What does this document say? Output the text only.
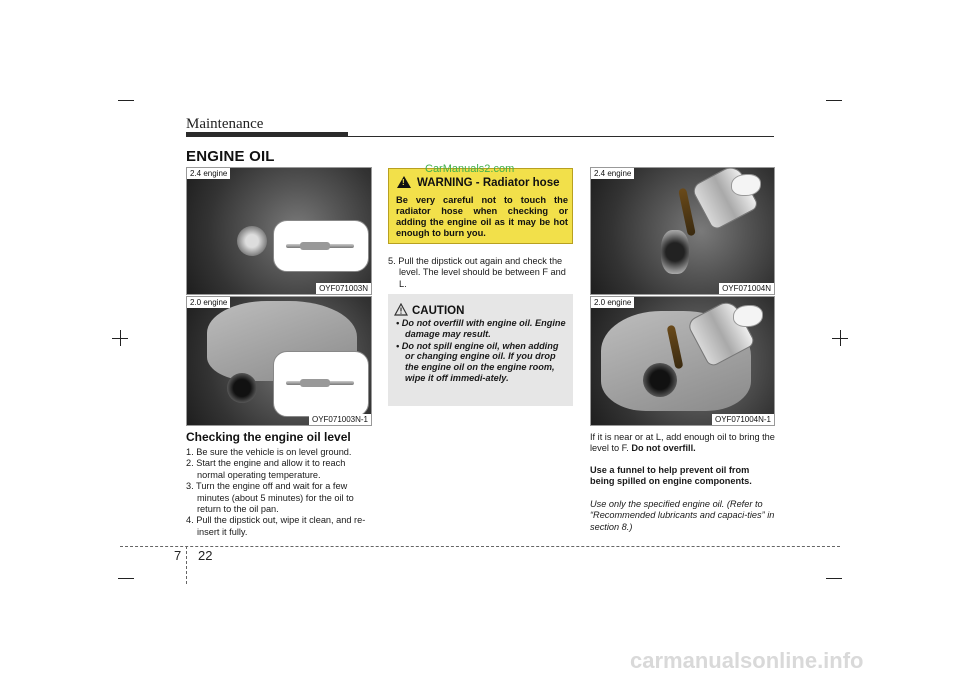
Maintenance
ENGINE OIL
2.4 engine
OYF071003N
2.0 engine
OYF071003N-1
Checking the engine oil level
1. Be sure the vehicle is on level ground.
2. Start the engine and allow it to reach normal operating temperature.
3. Turn the engine off and wait for a few minutes (about 5 minutes) for the oil to return to the oil pan.
4. Pull the dipstick out, wipe it clean, and re-insert it fully.
!
WARNING - Radiator hose
Be very careful not to touch the radiator hose when checking or adding the engine oil as it may be hot enough to burn you.
CarManuals2.com

5. Pull the dipstick out again and check the level. The level should be between F and L.

CAUTION
• Do not overfill with engine oil. Engine damage may result.
• Do not spill engine oil, when adding or changing engine oil. If you drop the engine oil on the engine room, wipe it off immedi-ately.
2.4 engine
OYF071004N
2.0 engine
OYF071004N-1
If it is near or at L, add enough oil to bring the level to F. Do not overfill.
Use a funnel to help prevent oil from being spilled on engine components.
Use only the specified engine oil. (Refer to “Recommended lubricants and capaci-ties” in section 8.)
7 22
carmanualsonline.info
